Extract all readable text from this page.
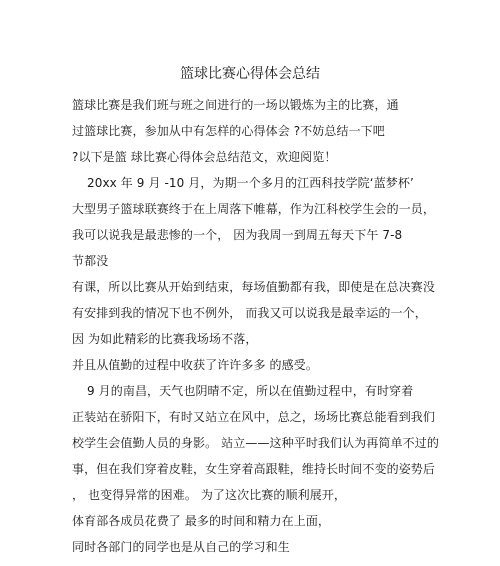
篮球比赛心得体会总结
篮球比赛是我们班与班之间进行的一场以锻炼为主的比赛，通
过篮球比赛，参加从中有怎样的心得体会 ?不妨总结一下吧
?以下是篮 球比赛心得体会总结范文，欢迎阅览！
20xx 年 9 月 -10 月，为期一个多月的江西科技学院‘蓝梦杯’
大型男子篮球联赛终于在上周落下帷幕，作为江科校学生会的一员，
我可以说我是最悲惨的一个， 因为我周一到周五每天下午 7-8
节都没
有课，所以比赛从开始到结束，每场值勤都有我，即使是在总决赛没
有安排到我的情况下也不例外， 而我又可以说我是最幸运的一个，
因 为如此精彩的比赛我场场不落，
并且从值勤的过程中收获了许许多多 的感受。
9 月的南昌，天气也阴晴不定，所以在值勤过程中，有时穿着
正装站在骄阳下，有时又站立在风中，总之，场场比赛总能看到我们
校学生会值勤人员的身影。 站立——这种平时我们认为再简单不过的
事，但在我们穿着皮鞋，女生穿着高跟鞋，维持长时间不变的姿势后
， 也变得异常的困难。 为了这次比赛的顺利展开，
体育部各成员花费了 最多的时间和精力在上面，
同时各部门的同学也是从自己的学习和生
